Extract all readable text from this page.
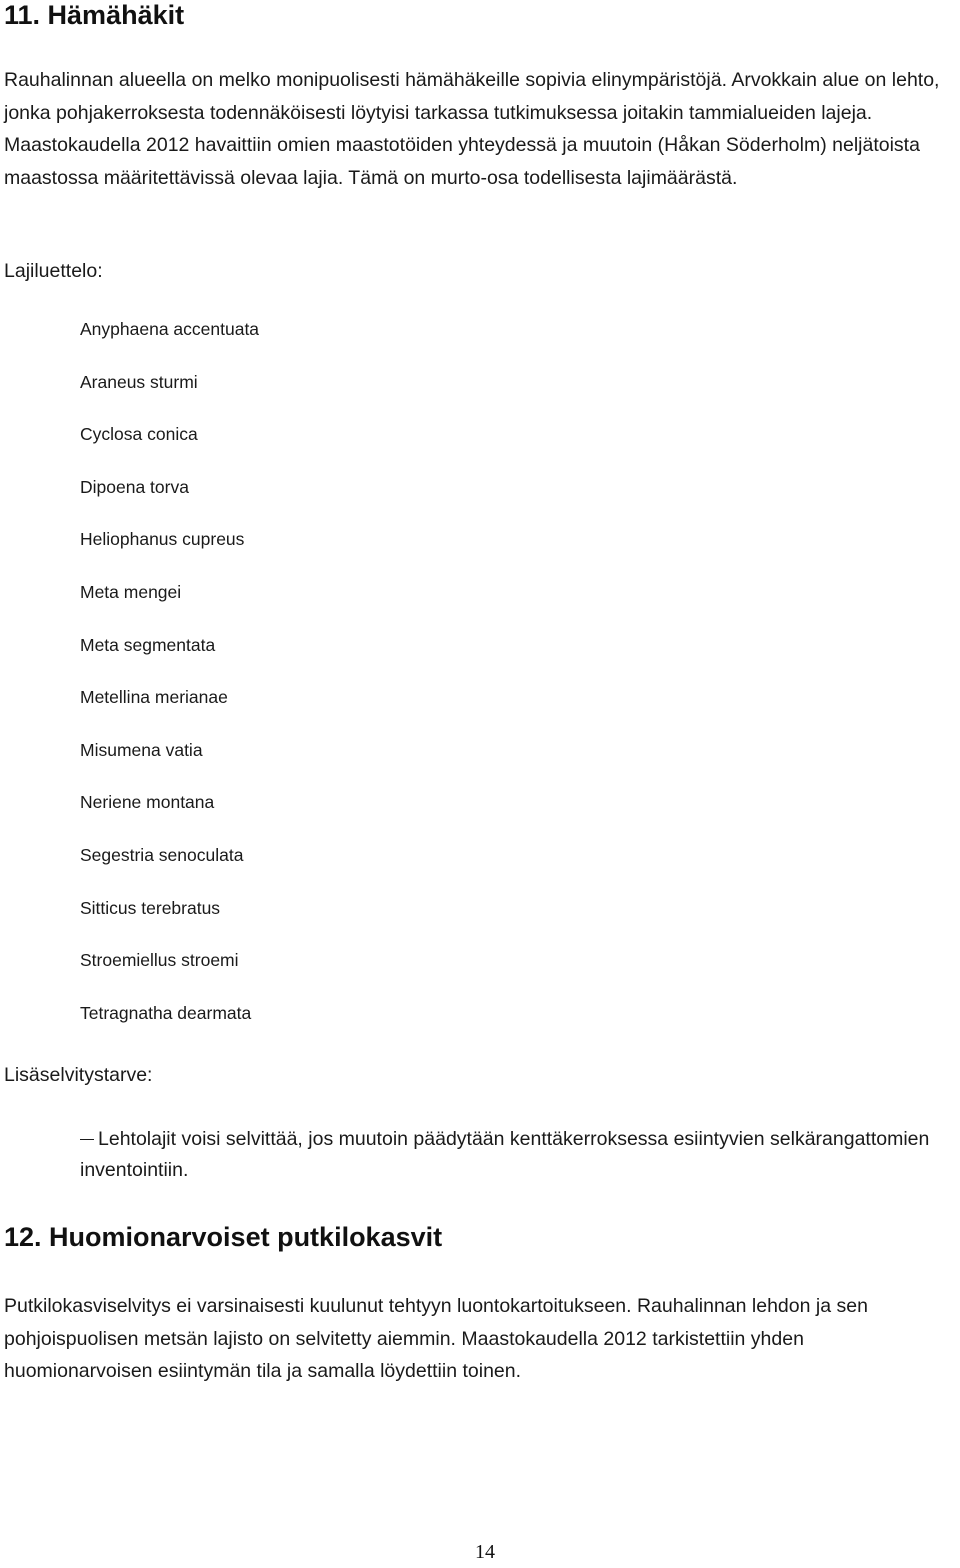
11. Hämähäkit

Rauhalinnan alueella on melko monipuolisesti hämähäkeille sopivia elinympäristöjä. Arvokkain alue on lehto, jonka pohjakerroksesta todennäköisesti löytyisi tarkassa tutkimuksessa joitakin tammialueiden lajeja. Maastokaudella 2012 havaittiin omien maastotöiden yhteydessä ja muutoin (Håkan Söderholm) neljätoista maastossa määritettävissä olevaa lajia. Tämä on murto-osa todellisesta lajimäärästä.

Lajiluettelo:

Anyphaena accentuata
Araneus sturmi
Cyclosa conica
Dipoena torva
Heliophanus cupreus
Meta mengei
Meta segmentata
Metellina merianae
Misumena vatia
Neriene montana
Segestria senoculata
Sitticus terebratus
Stroemiellus stroemi
Tetragnatha dearmata

Lisäselvitystarve:

Lehtolajit voisi selvittää, jos muutoin päädytään kenttäkerroksessa esiintyvien selkärangattomien inventointiin.

12. Huomionarvoiset putkilokasvit

Putkilokasviselvitys ei varsinaisesti kuulunut tehtyyn luontokartoitukseen. Rauhalinnan lehdon ja sen pohjoispuolisen metsän lajisto on selvitetty aiemmin. Maastokaudella 2012 tarkistettiin yhden huomionarvoisen esiintymän tila ja samalla löydettiin toinen.

14
